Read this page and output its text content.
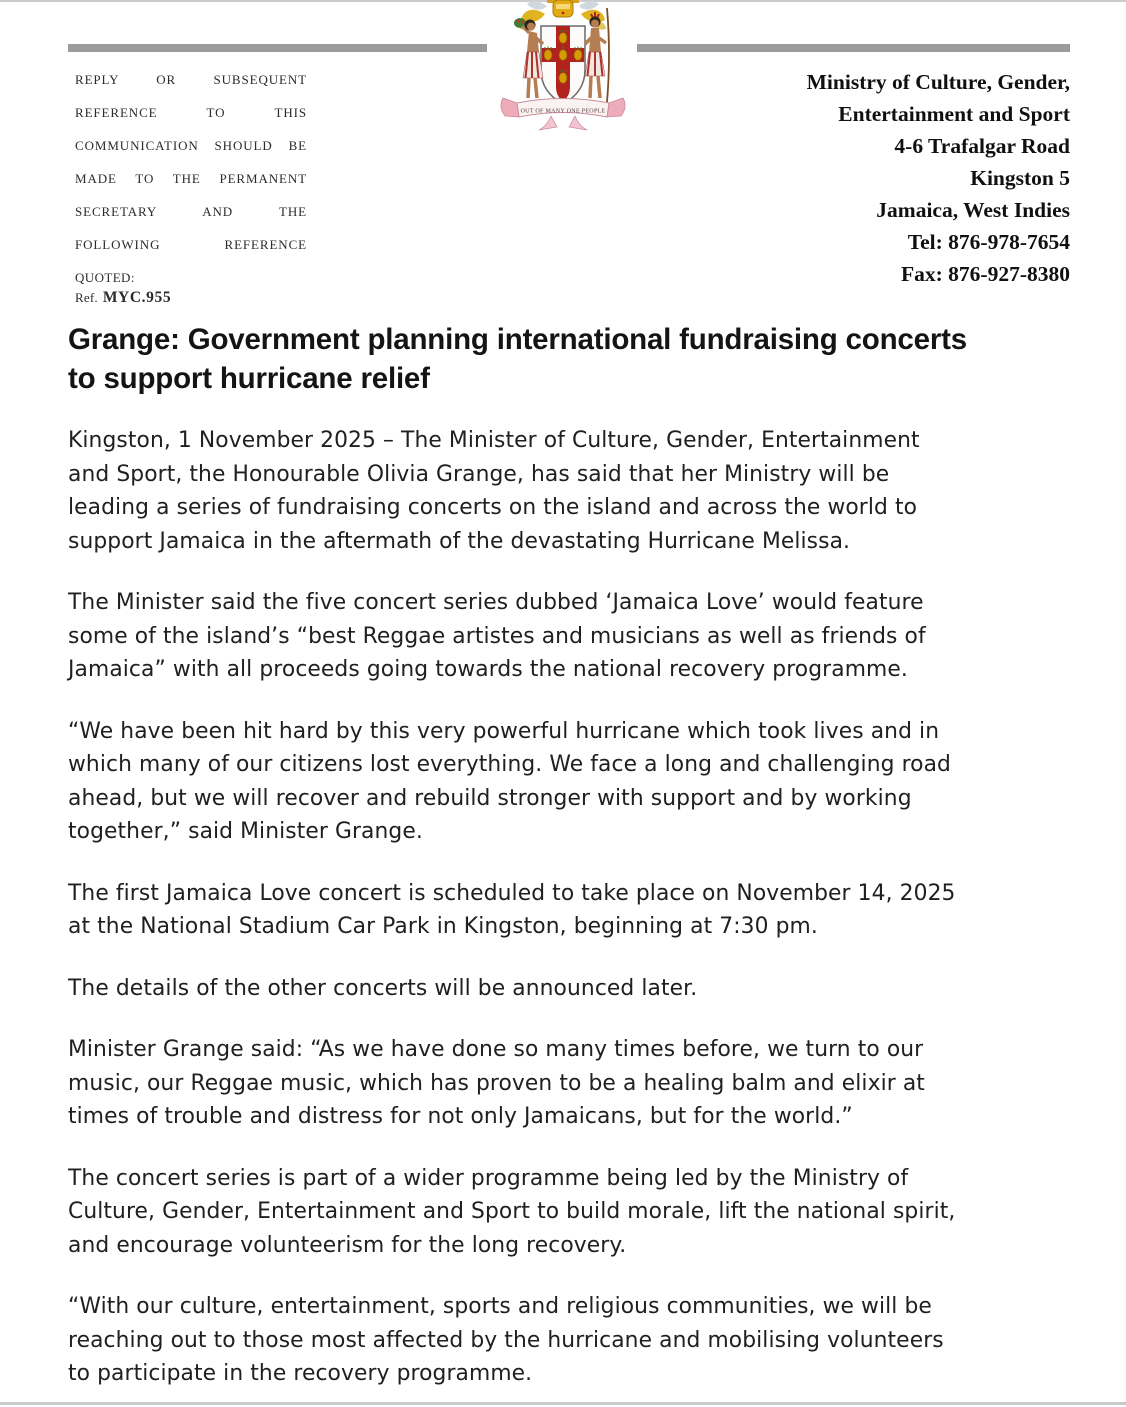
OUT OF MANY ONE PEOPLE
REPLY OR SUBSEQUENT
REFERENCE TO THIS
COMMUNICATION SHOULD BE
MADE TO THE PERMANENT
SECRETARY AND THE
FOLLOWING REFERENCE
QUOTED:
Ref. MYC.955
Ministry of Culture, Gender,
Entertainment and Sport
4-6 Trafalgar Road
Kingston 5
Jamaica, West Indies
Tel: 876-978-7654
Fax: 876-927-8380
Grange: Government planning international fundraising concerts
to support hurricane relief
Kingston, 1 November 2025 – The Minister of Culture, Gender, Entertainment
and Sport, the Honourable Olivia Grange, has said that her Ministry will be
leading a series of fundraising concerts on the island and across the world to
support Jamaica in the aftermath of the devastating Hurricane Melissa.
The Minister said the five concert series dubbed ‘Jamaica Love’ would feature
some of the island’s “best Reggae artistes and musicians as well as friends of
Jamaica” with all proceeds going towards the national recovery programme.
“We have been hit hard by this very powerful hurricane which took lives and in
which many of our citizens lost everything. We face a long and challenging road
ahead, but we will recover and rebuild stronger with support and by working
together,” said Minister Grange.
The first Jamaica Love concert is scheduled to take place on November 14, 2025
at the National Stadium Car Park in Kingston, beginning at 7:30 pm.
The details of the other concerts will be announced later.
Minister Grange said: “As we have done so many times before, we turn to our
music, our Reggae music, which has proven to be a healing balm and elixir at
times of trouble and distress for not only Jamaicans, but for the world.”
The concert series is part of a wider programme being led by the Ministry of
Culture, Gender, Entertainment and Sport to build morale, lift the national spirit,
and encourage volunteerism for the long recovery.
“With our culture, entertainment, sports and religious communities, we will be
reaching out to those most affected by the hurricane and mobilising volunteers
to participate in the recovery programme.
